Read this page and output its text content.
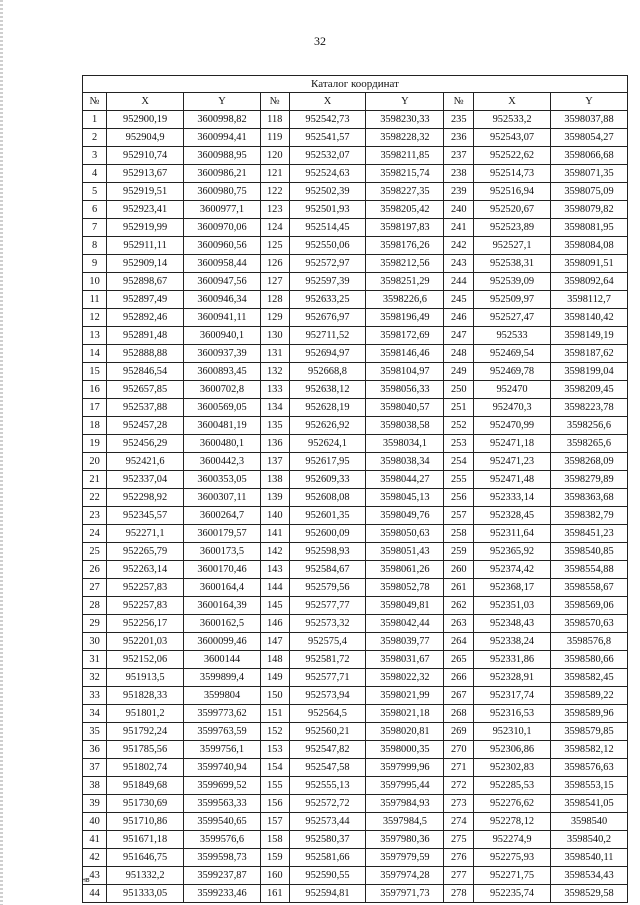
32
Каталог координат								
№	X	Y	№	X	Y	№	X	Y
1	952900,19	3600998,82	118	952542,73	3598230,33	235	952533,2	3598037,88
2	952904,9	3600994,41	119	952541,57	3598228,32	236	952543,07	3598054,27
3	952910,74	3600988,95	120	952532,07	3598211,85	237	952522,62	3598066,68
4	952913,67	3600986,21	121	952524,63	3598215,74	238	952514,73	3598071,35
5	952919,51	3600980,75	122	952502,39	3598227,35	239	952516,94	3598075,09
6	952923,41	3600977,1	123	952501,93	3598205,42	240	952520,67	3598079,82
7	952919,99	3600970,06	124	952514,45	3598197,83	241	952523,89	3598081,95
8	952911,11	3600960,56	125	952550,06	3598176,26	242	952527,1	3598084,08
9	952909,14	3600958,44	126	952572,97	3598212,56	243	952538,31	3598091,51
10	952898,67	3600947,56	127	952597,39	3598251,29	244	952539,09	3598092,64
11	952897,49	3600946,34	128	952633,25	3598226,6	245	952509,97	3598112,7
12	952892,46	3600941,11	129	952676,97	3598196,49	246	952527,47	3598140,42
13	952891,48	3600940,1	130	952711,52	3598172,69	247	952533	3598149,19
14	952888,88	3600937,39	131	952694,97	3598146,46	248	952469,54	3598187,62
15	952846,54	3600893,45	132	952668,8	3598104,97	249	952469,78	3598199,04
16	952657,85	3600702,8	133	952638,12	3598056,33	250	952470	3598209,45
17	952537,88	3600569,05	134	952628,19	3598040,57	251	952470,3	3598223,78
18	952457,28	3600481,19	135	952626,92	3598038,58	252	952470,99	3598256,6
19	952456,29	3600480,1	136	952624,1	3598034,1	253	952471,18	3598265,6
20	952421,6	3600442,3	137	952617,95	3598038,34	254	952471,23	3598268,09
21	952337,04	3600353,05	138	952609,33	3598044,27	255	952471,48	3598279,89
22	952298,92	3600307,11	139	952608,08	3598045,13	256	952333,14	3598363,68
23	952345,57	3600264,7	140	952601,35	3598049,76	257	952328,45	3598382,79
24	952271,1	3600179,57	141	952600,09	3598050,63	258	952311,64	3598451,23
25	952265,79	3600173,5	142	952598,93	3598051,43	259	952365,92	3598540,85
26	952263,14	3600170,46	143	952584,67	3598061,26	260	952374,42	3598554,88
27	952257,83	3600164,4	144	952579,56	3598052,78	261	952368,17	3598558,67
28	952257,83	3600164,39	145	952577,77	3598049,81	262	952351,03	3598569,06
29	952256,17	3600162,5	146	952573,32	3598042,44	263	952348,43	3598570,63
30	952201,03	3600099,46	147	952575,4	3598039,77	264	952338,24	3598576,8
31	952152,06	3600144	148	952581,72	3598031,67	265	952331,86	3598580,66
32	951913,5	3599899,4	149	952577,71	3598022,32	266	952328,91	3598582,45
33	951828,33	3599804	150	952573,94	3598021,99	267	952317,74	3598589,22
34	951801,2	3599773,62	151	952564,5	3598021,18	268	952316,53	3598589,96
35	951792,24	3599763,59	152	952560,21	3598020,81	269	952310,1	3598579,85
36	951785,56	3599756,1	153	952547,82	3598000,35	270	952306,86	3598582,12
37	951802,74	3599740,94	154	952547,58	3597999,96	271	952302,83	3598576,63
38	951849,68	3599699,52	155	952555,13	3597995,44	272	952285,53	3598553,15
39	951730,69	3599563,33	156	952572,72	3597984,93	273	952276,62	3598541,05
40	951710,86	3599540,65	157	952573,44	3597984,5	274	952278,12	3598540
41	951671,18	3599576,6	158	952580,37	3597980,36	275	952274,9	3598540,2
42	951646,75	3599598,73	159	952581,66	3597979,59	276	952275,93	3598540,11
43	951332,2	3599237,87	160	952590,55	3597974,28	277	952271,75	3598534,43
44	951333,05	3599233,46	161	952594,81	3597971,73	278	952235,74	3598529,58
нв
